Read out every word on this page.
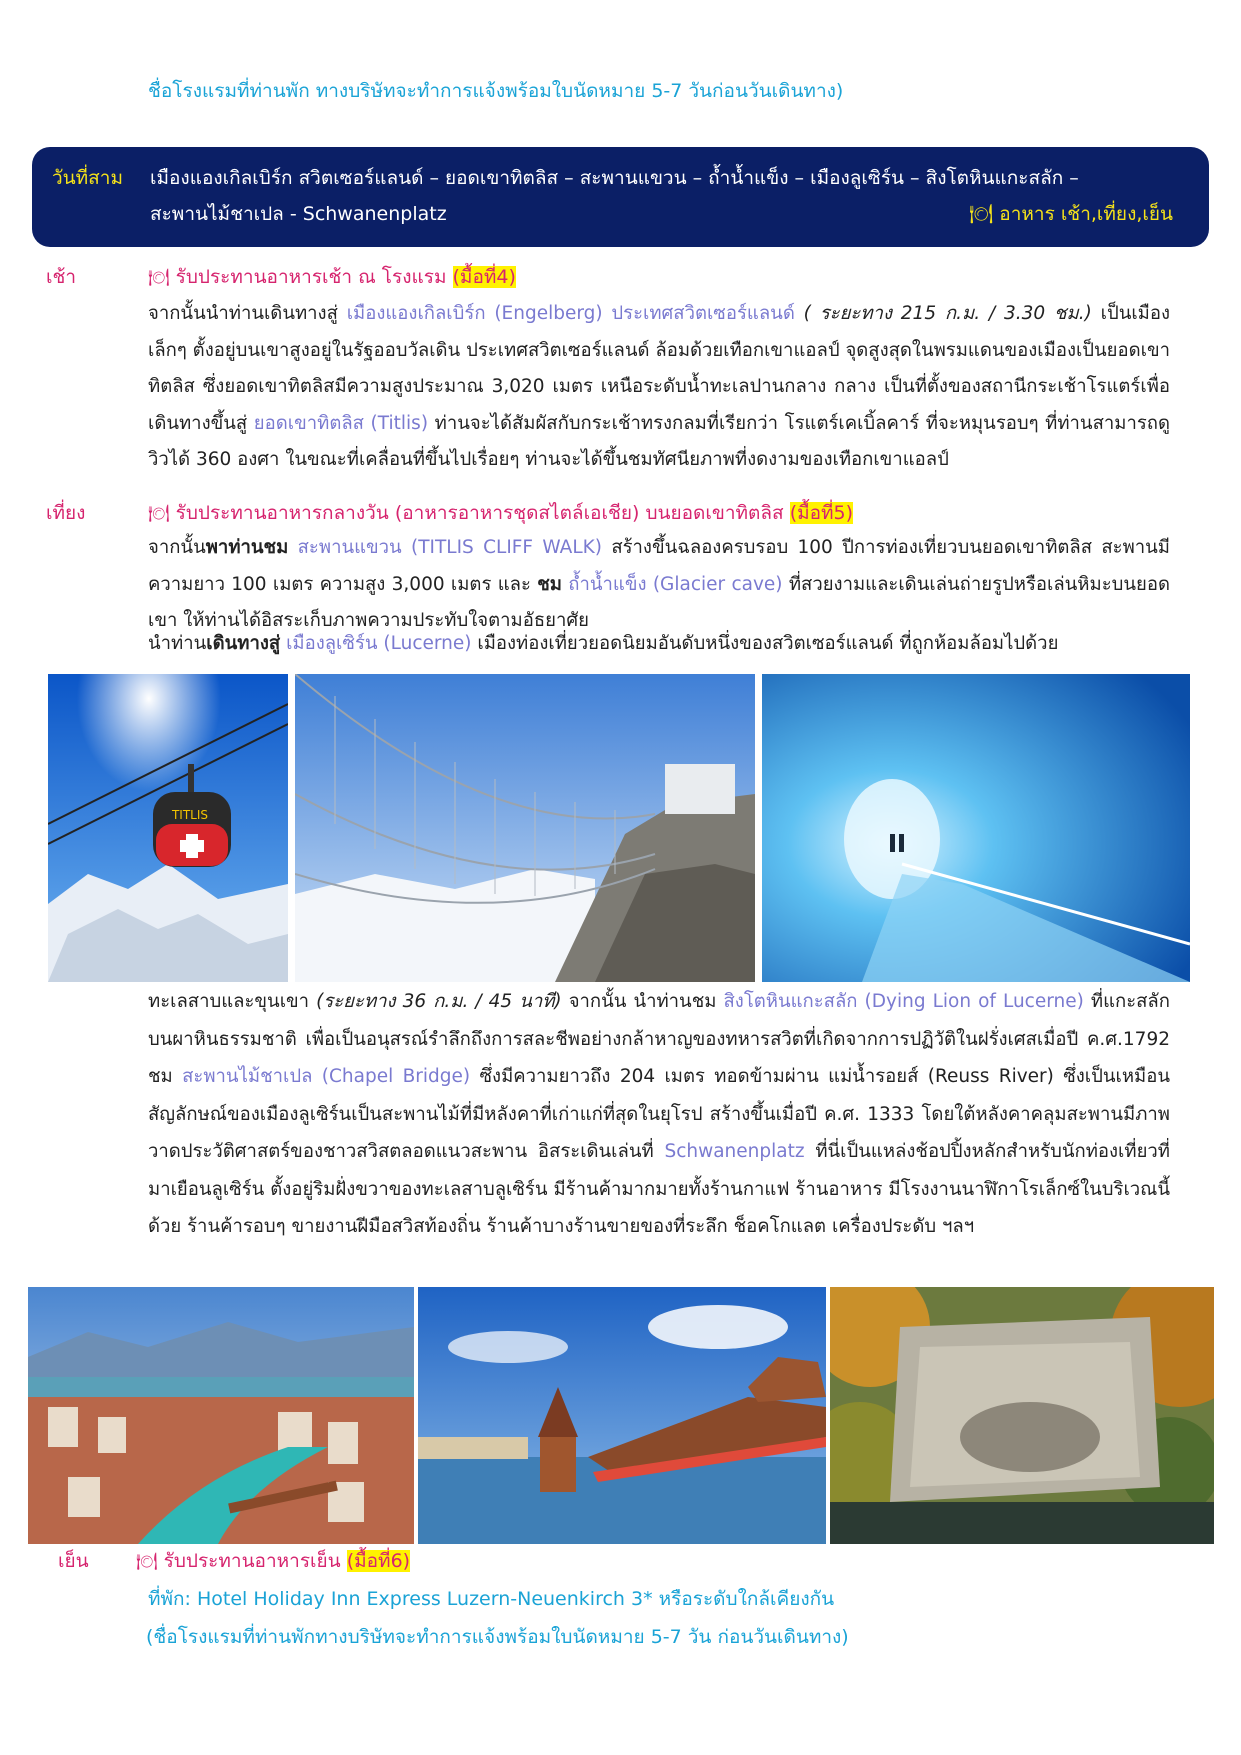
ชื่อโรงแรมที่ท่านพัก ทางบริษัทจะทำการแจ้งพร้อมใบนัดหมาย 5-7 วันก่อนวันเดินทาง)
วันที่สาม เมืองแองเกิลเบิร์ก สวิตเซอร์แลนด์ – ยอดเขาทิตลิส – สะพานแขวน – ถ้ำน้ำแข็ง – เมืองลูเซิร์น – สิงโตหินแกะสลัก –
สะพานไม้ชาเปล - Schwanenplatz	🍽 อาหาร เช้า,เที่ยง,เย็น
เช้า	🍽 รับประทานอาหารเช้า ณ โรงแรม (มื้อที่4)
จากนั้นนำท่านเดินทางสู่ เมืองแองเกิลเบิร์ก (Engelberg) ประเทศสวิตเซอร์แลนด์ ( ระยะทาง 215 ก.ม. / 3.30 ชม.) เป็นเมืองเล็กๆ ตั้งอยู่บนเขาสูงอยู่ในรัฐออบวัลเดิน ประเทศสวิตเซอร์แลนด์ ล้อมด้วยเทือกเขาแอลป์ จุดสูงสุดในพรมแดนของเมืองเป็นยอดเขาทิตลิส ซึ่งยอดเขาทิตลิสมีความสูงประมาณ 3,020 เมตร เหนือระดับน้ำทะเลปานกลาง กลาง เป็นที่ตั้งของสถานีกระเช้าโรแตร์เพื่อเดินทางขึ้นสู่ ยอดเขาทิตลิส (Titlis) ท่านจะได้สัมผัสกับกระเช้าทรงกลมที่เรียกว่า โรแตร์เคเบิ้ลคาร์ ที่จะหมุนรอบๆ ที่ท่านสามารถดูวิวได้ 360 องศา ในขณะที่เคลื่อนที่ขึ้นไปเรื่อยๆ ท่านจะได้ขึ้นชมทัศนียภาพที่งดงามของเทือกเขาแอลป์
เที่ยง	🍽 รับประทานอาหารกลางวัน (อาหารอาหารชุดสไตล์เอเชีย) บนยอดเขาทิตลิส (มื้อที่5)
จากนั้นพาท่านชม สะพานแขวน (TITLIS CLIFF WALK) สร้างขึ้นฉลองครบรอบ 100 ปีการท่องเที่ยวบนยอดเขาทิตลิส สะพานมีความยาว 100 เมตร ความสูง 3,000 เมตร และ ชม ถ้ำน้ำแข็ง (Glacier cave) ที่สวยงามและเดินเล่นถ่ายรูปหรือเล่นหิมะบนยอดเขา ให้ท่านได้อิสระเก็บภาพความประทับใจตามอัธยาศัย
นำท่านเดินทางสู่ เมืองลูเซิร์น (Lucerne) เมืองท่องเที่ยวยอดนิยมอันดับหนึ่งของสวิตเซอร์แลนด์ ที่ถูกห้อมล้อมไปด้วย
TITLIS
ทะเลสาบและขุนเขา (ระยะทาง 36 ก.ม. / 45 นาที) จากนั้น นำท่านชม สิงโตหินแกะสลัก (Dying Lion of Lucerne) ที่แกะสลักบนผาหินธรรมชาติ เพื่อเป็นอนุสรณ์รำลึกถึงการสละชีพอย่างกล้าหาญของทหารสวิตที่เกิดจากการปฏิวัติในฝรั่งเศสเมื่อปี ค.ศ.1792 ชม สะพานไม้ชาเปล (Chapel Bridge) ซึ่งมีความยาวถึง 204 เมตร ทอดข้ามผ่าน แม่น้ำรอยส์ (Reuss River) ซึ่งเป็นเหมือนสัญลักษณ์ของเมืองลูเซิร์นเป็นสะพานไม้ที่มีหลังคาที่เก่าแก่ที่สุดในยุโรป สร้างขึ้นเมื่อปี ค.ศ. 1333 โดยใต้หลังคาคลุมสะพานมีภาพวาดประวัติศาสตร์ของชาวสวิสตลอดแนวสะพาน อิสระเดินเล่นที่ Schwanenplatz ที่นี่เป็นแหล่งช้อปปิ้งหลักสำหรับนักท่องเที่ยวที่มาเยือนลูเซิร์น ตั้งอยู่ริมฝั่งขวาของทะเลสาบลูเซิร์น มีร้านค้ามากมายทั้งร้านกาแฟ ร้านอาหาร มีโรงงานนาฬิกาโรเล็กซ์ในบริเวณนี้ด้วย ร้านค้ารอบๆ ขายงานฝีมือสวิสท้องถิ่น ร้านค้าบางร้านขายของที่ระลึก ช็อคโกแลต เครื่องประดับ ฯลฯ
เย็น	🍽 รับประทานอาหารเย็น (มื้อที่6)
ที่พัก: Hotel Holiday Inn Express Luzern-Neuenkirch 3* หรือระดับใกล้เคียงกัน
(ชื่อโรงแรมที่ท่านพักทางบริษัทจะทำการแจ้งพร้อมใบนัดหมาย 5-7 วัน ก่อนวันเดินทาง)
